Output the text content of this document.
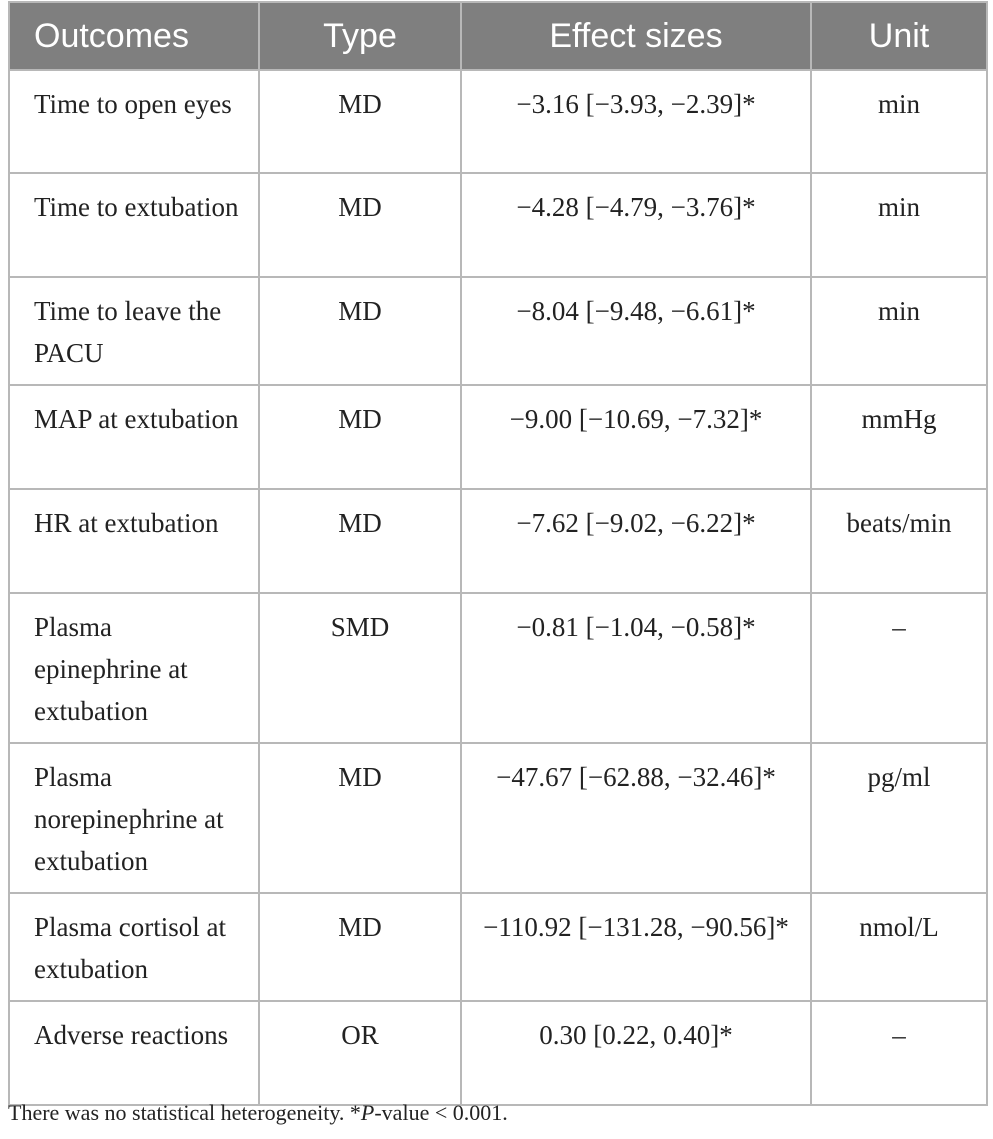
Outcomes	Type	Effect sizes	Unit
Time to open eyes	MD	−3.16 [−3.93, −2.39]*	min
Time to extubation	MD	−4.28 [−4.79, −3.76]*	min
Time to leave the PACU	MD	−8.04 [−9.48, −6.61]*	min
MAP at extubation	MD	−9.00 [−10.69, −7.32]*	mmHg
HR at extubation	MD	−7.62 [−9.02, −6.22]*	beats/min
Plasma epinephrine at extubation	SMD	−0.81 [−1.04, −0.58]*	–
Plasma norepinephrine at extubation	MD	−47.67 [−62.88, −32.46]*	pg/ml
Plasma cortisol at extubation	MD	−110.92 [−131.28, −90.56]*	nmol/L
Adverse reactions	OR	0.30 [0.22, 0.40]*	–
There was no statistical heterogeneity. *P-value < 0.001.
